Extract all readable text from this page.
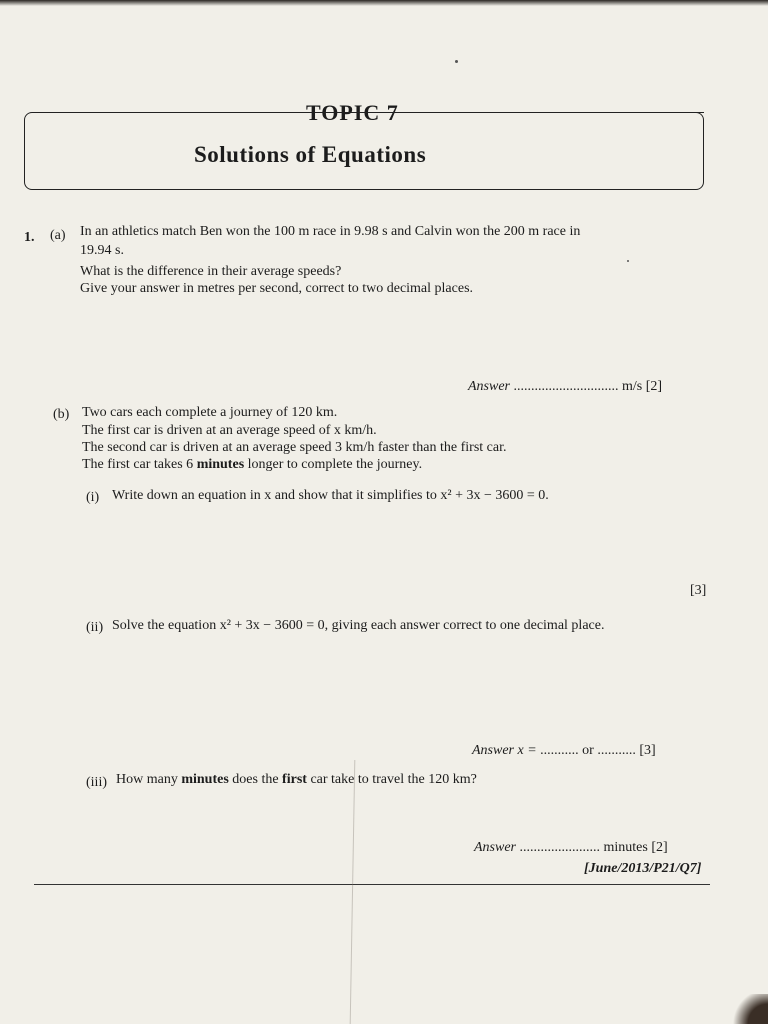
TOPIC 7
Solutions of Equations
1. (a) In an athletics match Ben won the 100 m race in 9.98 s and Calvin won the 200 m race in
19.94 s.
What is the difference in their average speeds?
Give your answer in metres per second, correct to two decimal places.
Answer .............................. m/s [2]
(b) Two cars each complete a journey of 120 km.
The first car is driven at an average speed of x km/h.
The second car is driven at an average speed 3 km/h faster than the first car.
The first car takes 6 minutes longer to complete the journey.
(i) Write down an equation in x and show that it simplifies to x² + 3x − 3600 = 0.
[3]
(ii) Solve the equation x² + 3x − 3600 = 0, giving each answer correct to one decimal place.
Answer x = ........... or ........... [3]
(iii) How many minutes does the first car take to travel the 120 km?
Answer ....................... minutes [2]
[June/2013/P21/Q7]
